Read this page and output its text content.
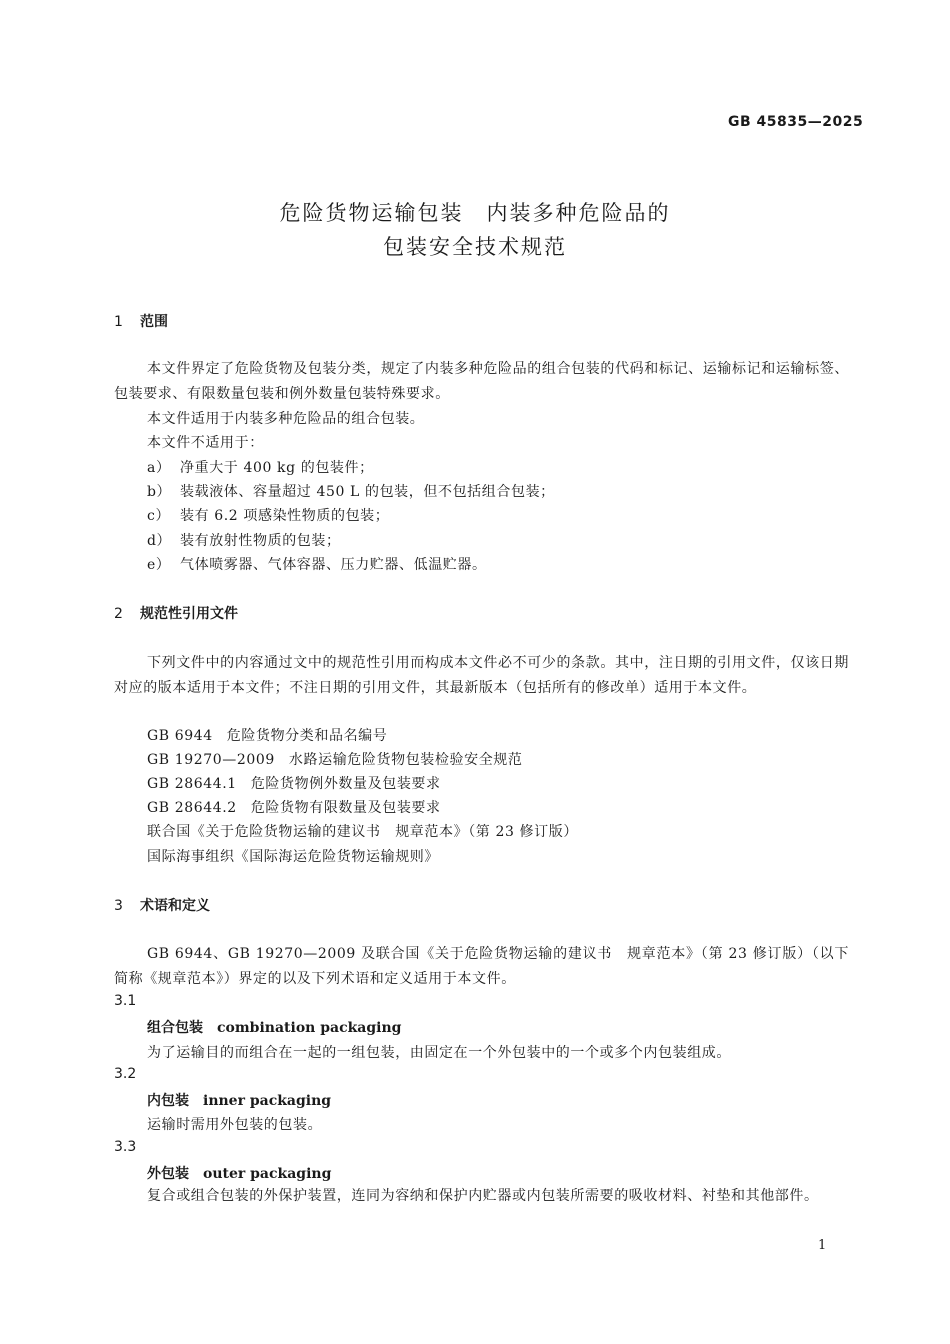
GB 45835—2025
危险货物运输包装　内装多种危险品的
包装安全技术规范
1 范围
本文件界定了危险货物及包装分类，规定了内装多种危险品的组合包装的代码和标记、运输标记和运输标签、包装要求、有限数量包装和例外数量包装特殊要求。
本文件适用于内装多种危险品的组合包装。
本文件不适用于：
a） 净重大于 400 kg 的包装件；
b） 装载液体、容量超过 450 L 的包装，但不包括组合包装；
c） 装有 6.2 项感染性物质的包装；
d） 装有放射性物质的包装；
e） 气体喷雾器、气体容器、压力贮器、低温贮器。
2 规范性引用文件
下列文件中的内容通过文中的规范性引用而构成本文件必不可少的条款。其中，注日期的引用文件，仅该日期对应的版本适用于本文件；不注日期的引用文件，其最新版本（包括所有的修改单）适用于本文件。
GB 6944 危险货物分类和品名编号
GB 19270—2009 水路运输危险货物包装检验安全规范
GB 28644.1 危险货物例外数量及包装要求
GB 28644.2 危险货物有限数量及包装要求
联合国《关于危险货物运输的建议书　规章范本》（第 23 修订版）
国际海事组织《国际海运危险货物运输规则》
3 术语和定义
GB 6944、GB 19270—2009 及联合国《关于危险货物运输的建议书　规章范本》（第 23 修订版）（以下简称《规章范本》）界定的以及下列术语和定义适用于本文件。
3.1
组合包装 combination packaging
为了运输目的而组合在一起的一组包装，由固定在一个外包装中的一个或多个内包装组成。
3.2
内包装 inner packaging
运输时需用外包装的包装。
3.3
外包装 outer packaging
复合或组合包装的外保护装置，连同为容纳和保护内贮器或内包装所需要的吸收材料、衬垫和其他部件。
1
